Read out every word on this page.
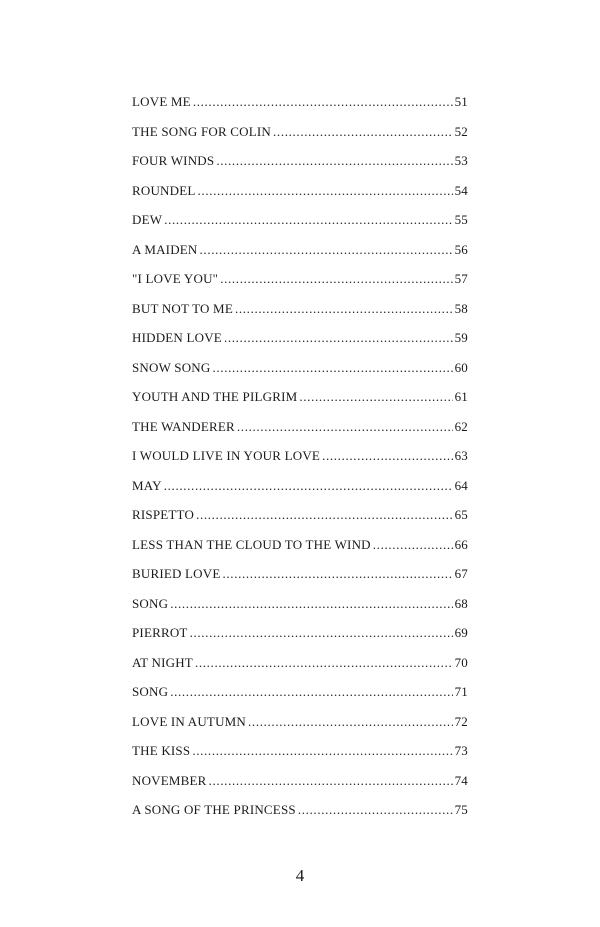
LOVE ME . . .	51
THE SONG FOR COLIN . . .	52
FOUR WINDS . . .	53
ROUNDEL . . .	54
DEW . . .	55
A MAIDEN . . .	56
"I LOVE YOU" . . .	57
BUT NOT TO ME . . .	58
HIDDEN LOVE . . .	59
SNOW SONG . . .	60
YOUTH AND THE PILGRIM . . .	61
THE WANDERER . . .	62
I WOULD LIVE IN YOUR LOVE . . .	63
MAY . . .	64
RISPETTO . . .	65
LESS THAN THE CLOUD TO THE WIND . . .	66
BURIED LOVE . . .	67
SONG . . .	68
PIERROT . . .	69
AT NIGHT . . .	70
SONG . . .	71
LOVE IN AUTUMN . . .	72
THE KISS . . .	73
NOVEMBER . . .	74
A SONG OF THE PRINCESS . . .	75
4
